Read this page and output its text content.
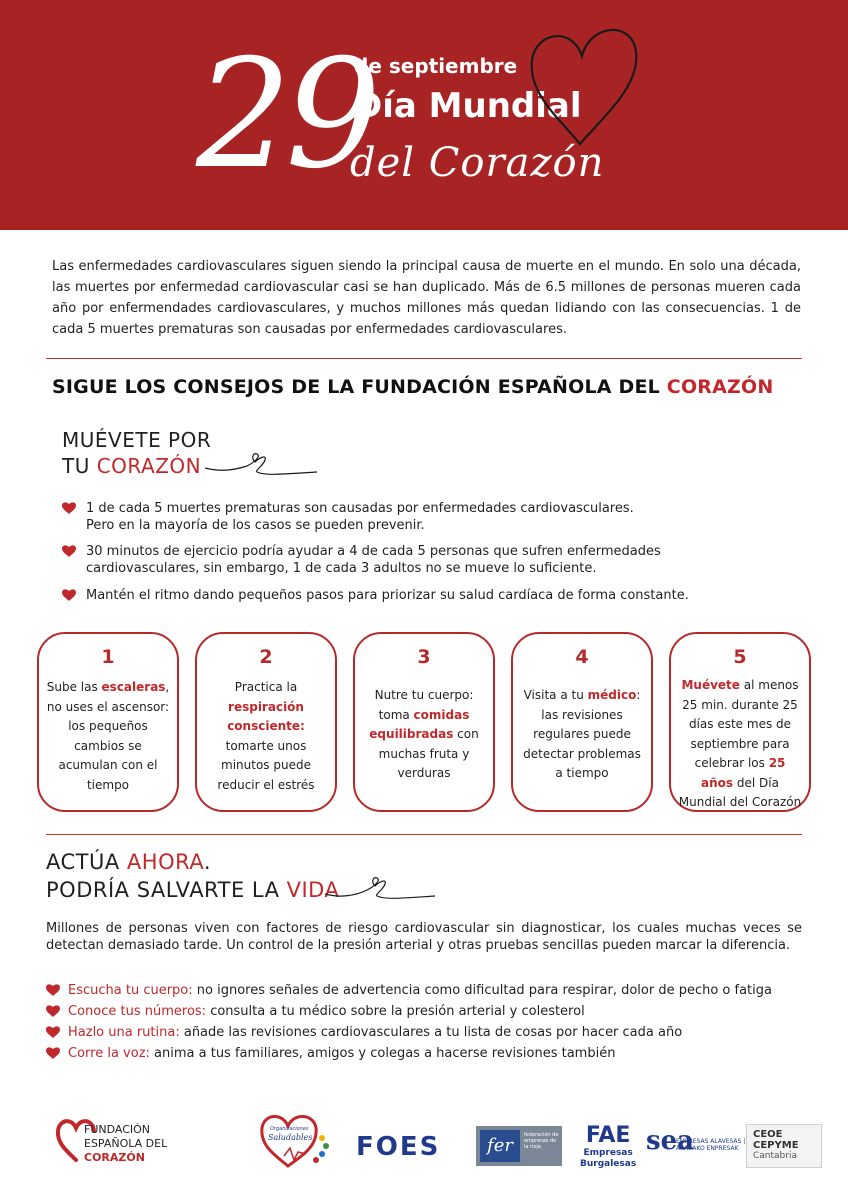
29
de septiembre
Día Mundial
del Corazón
Las enfermedades cardiovasculares siguen siendo la principal causa de muerte en el mundo. En solo una década, las muertes por enfermedad cardiovascular casi se han duplicado. Más de 6.5 millones de personas mueren cada año por enfermendades cardiovasculares, y muchos millones más quedan lidiando con las consecuencias. 1 de cada 5 muertes prematuras son causadas por enfermedades cardiovasculares.
SIGUE LOS CONSEJOS DE LA FUNDACIÓN ESPAÑOLA DEL CORAZÓN
MUÉVETE POR
TU CORAZÓN
1 de cada 5 muertes prematuras son causadas por enfermedades cardiovasculares.
Pero en la mayoría de los casos se pueden prevenir.
30 minutos de ejercicio podría ayudar a 4 de cada 5 personas que sufren enfermedades
cardiovasculares, sin embargo, 1 de cada 3 adultos no se mueve lo suficiente.
Mantén el ritmo dando pequeños pasos para priorizar su salud cardíaca de forma constante.
1
Sube las escaleras, no uses el ascensor: los pequeños cambios se acumulan con el tiempo
2
Practica la respiración consciente: tomarte unos minutos puede reducir el estrés
3
Nutre tu cuerpo: toma comidas equilibradas con muchas fruta y verduras
4
Visita a tu médico: las revisiones regulares puede detectar problemas a tiempo
5
Muévete al menos 25 min. durante 25 días este mes de septiembre para celebrar los 25 años del Día Mundial del Corazón
ACTÚA AHORA.
PODRÍA SALVARTE LA VIDA
Millones de personas viven con factores de riesgo cardiovascular sin diagnosticar, los cuales muchas veces se detectan demasiado tarde. Un control de la presión arterial y otras pruebas sencillas pueden marcar la diferencia.
Escucha tu cuerpo: no ignores señales de advertencia como dificultad para respirar, dolor de pecho o fatiga
Conoce tus números: consulta a tu médico sobre la presión arterial y colesterol
Hazlo una rutina: añade las revisiones cardiovasculares a tu lista de cosas por hacer cada año
Corre la voz: anima a tus familiares, amigos y colegas a hacerse revisiones también
FUNDACIÓN
ESPAÑOLA DEL
CORAZÓN
Organizaciones
Saludables FOES	fer	federación de empresas de la rioja	FAE
Empresas
Burgalesas
sea
EMPRESAS ALAVESAS | ARABAKO ENPRESAK
CEOE
CEPYME
Cantabria
